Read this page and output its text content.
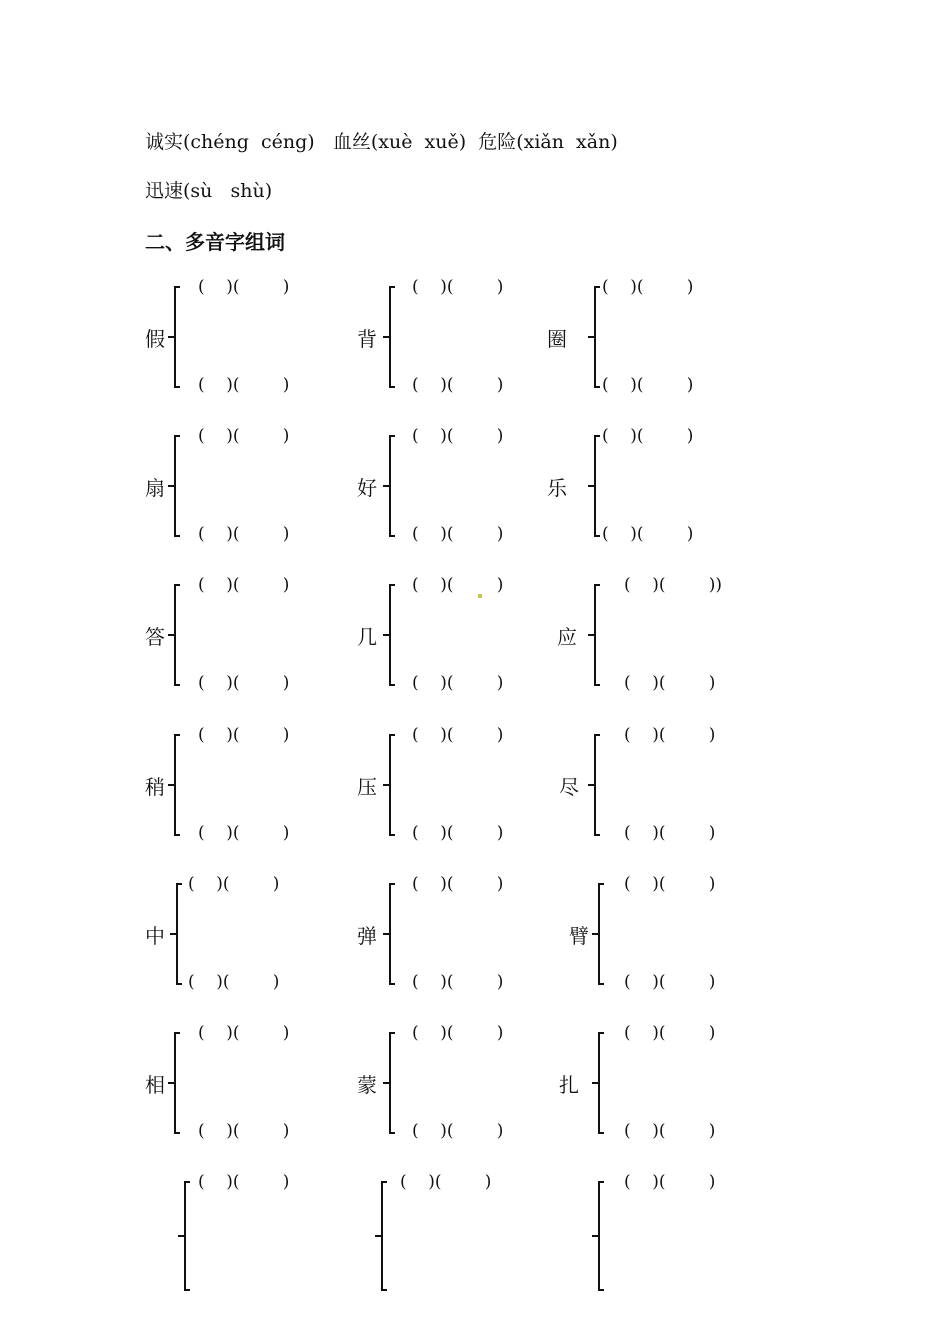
诚实(chéng  céng)   血丝(xuè  xuě)  危险(xiǎn  xǎn)
迅速(sù   shù)
二、多音字组词
假
(    )(        )
(    )(        )
背
(    )(        )
(    )(        )
圈
(    )(        )
(    )(        )
扇
(    )(        )
(    )(        )
好
(    )(        )
(    )(        )
乐
(    )(        )
(    )(        )
答
(    )(        )
(    )(        )
几
(    )(        )
(    )(        )
应
(    )(        ))
(    )(        )
稍
(    )(        )
(    )(        )
压
(    )(        )
(    )(        )
尽
(    )(        )
(    )(        )
中
(    )(        )
(    )(        )
弹
(    )(        )
(    )(        )
臂
(    )(        )
(    )(        )
相
(    )(        )
(    )(        )
蒙
(    )(        )
(    )(        )
扎
(    )(        )
(    )(        )
(    )(        )	(    )(        )	(    )(        )
